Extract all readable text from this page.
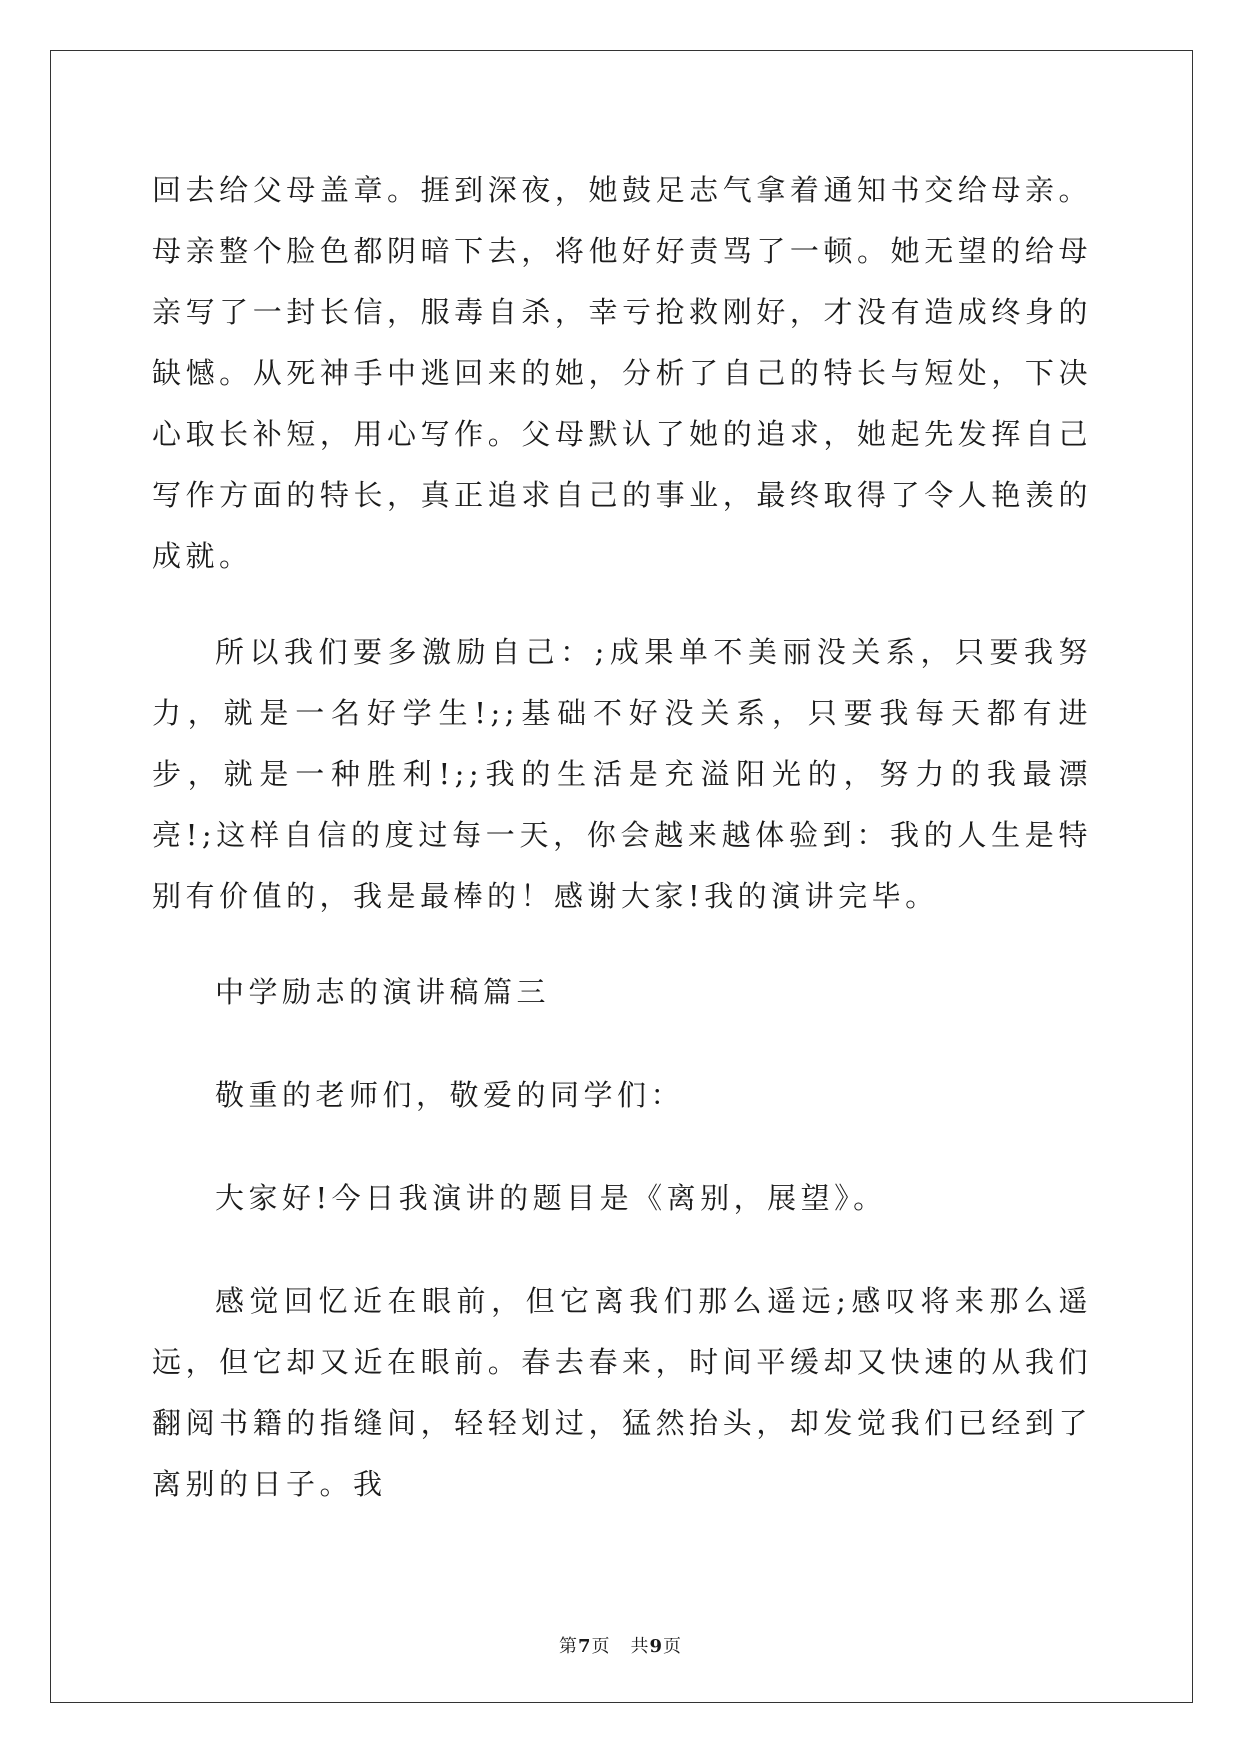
回去给父母盖章。捱到深夜，她鼓足志气拿着通知书交给母亲。母亲整个脸色都阴暗下去，将他好好责骂了一顿。她无望的给母亲写了一封长信，服毒自杀，幸亏抢救刚好，才没有造成终身的缺憾。从死神手中逃回来的她，分析了自己的特长与短处，下决心取长补短，用心写作。父母默认了她的追求，她起先发挥自己写作方面的特长，真正追求自己的事业，最终取得了令人艳羡的成就。

所以我们要多激励自己：;成果单不美丽没关系，只要我努力，就是一名好学生!;;基础不好没关系，只要我每天都有进步，就是一种胜利!;;我的生活是充溢阳光的，努力的我最漂亮!;这样自信的度过每一天，你会越来越体验到：我的人生是特别有价值的，我是最棒的！感谢大家!我的演讲完毕。

中学励志的演讲稿篇三

敬重的老师们，敬爱的同学们：

大家好!今日我演讲的题目是《离别，展望》。

感觉回忆近在眼前，但它离我们那么遥远;感叹将来那么遥远，但它却又近在眼前。春去春来，时间平缓却又快速的从我们翻阅书籍的指缝间，轻轻划过，猛然抬头，却发觉我们已经到了离别的日子。我

第7页 共9页
